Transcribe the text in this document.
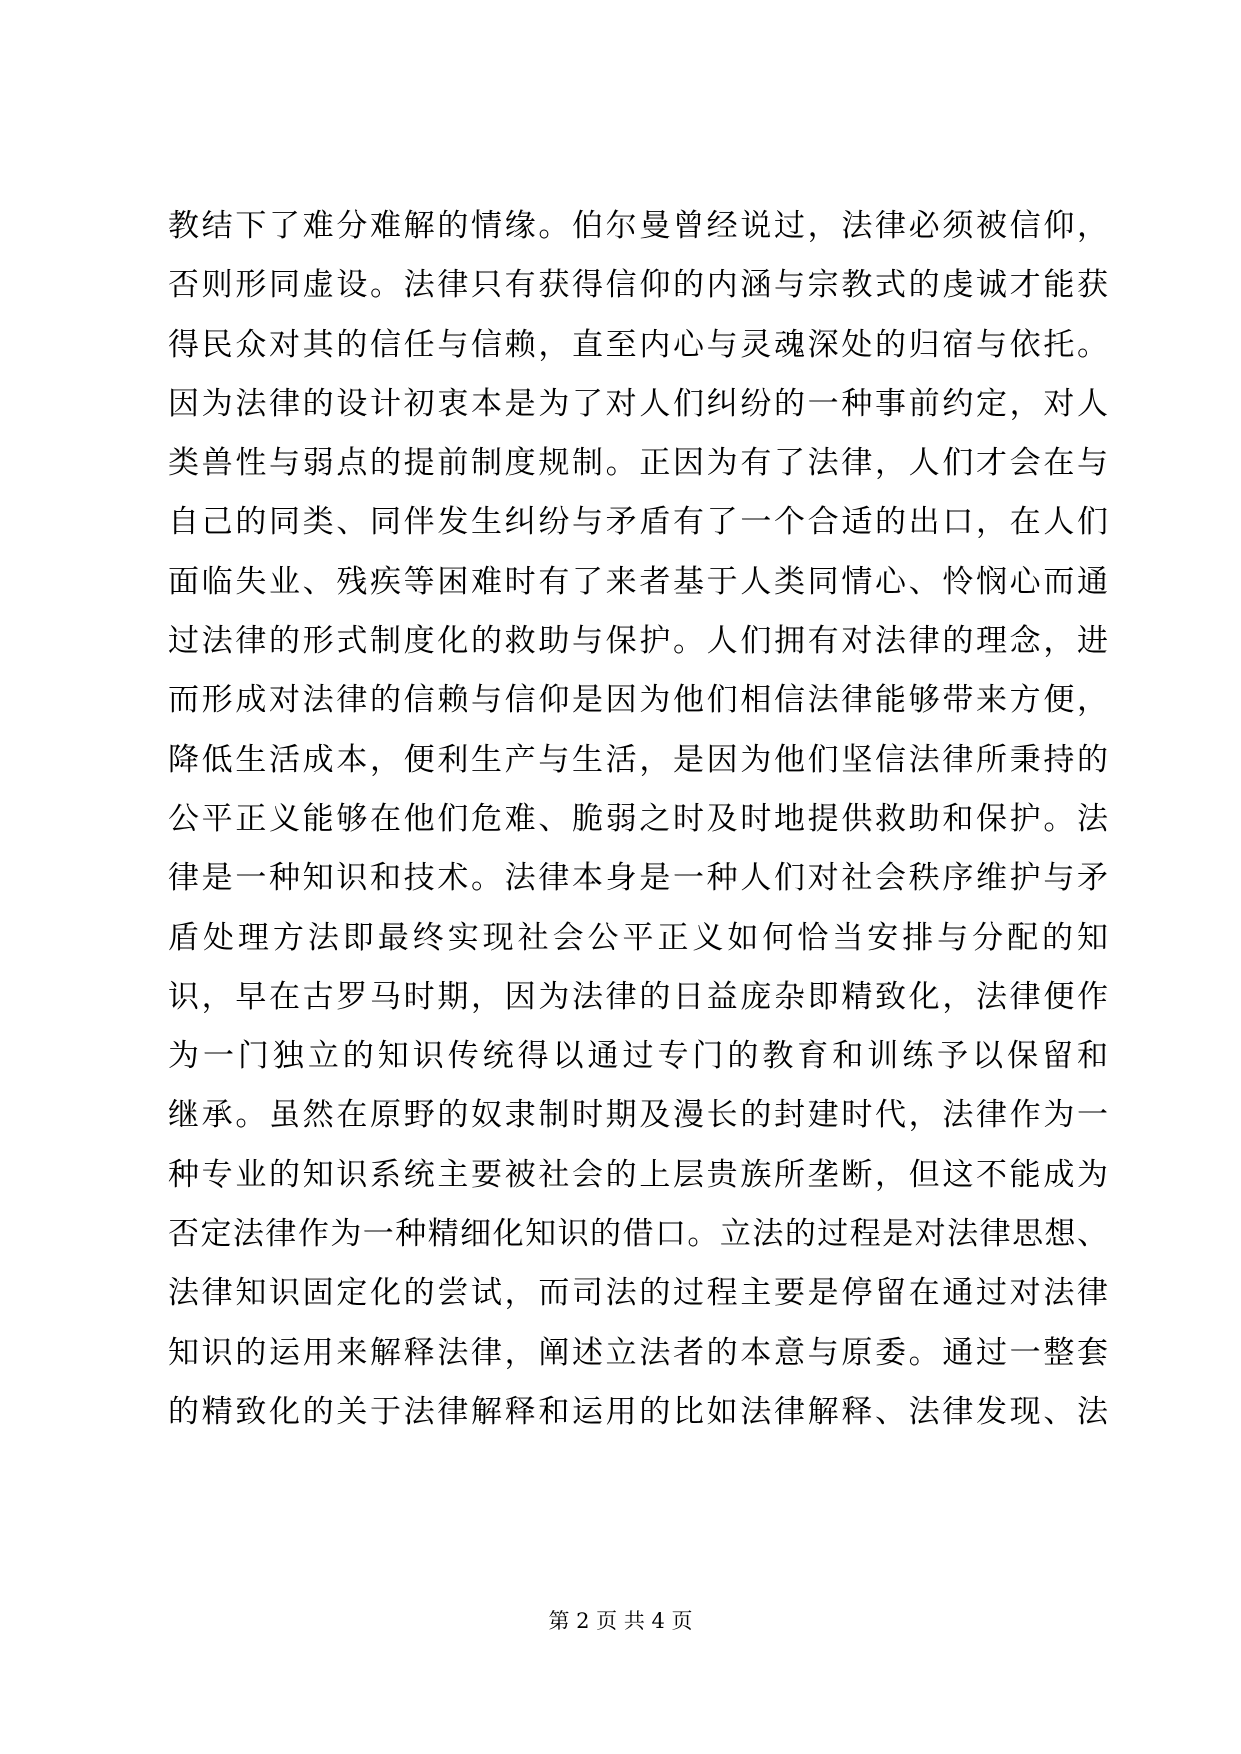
教结下了难分难解的情缘。伯尔曼曾经说过，法律必须被信仰，
否则形同虚设。法律只有获得信仰的内涵与宗教式的虔诚才能获
得民众对其的信任与信赖，直至内心与灵魂深处的归宿与依托。
因为法律的设计初衷本是为了对人们纠纷的一种事前约定，对人
类兽性与弱点的提前制度规制。正因为有了法律，人们才会在与
自己的同类、同伴发生纠纷与矛盾有了一个合适的出口，在人们
面临失业、残疾等困难时有了来者基于人类同情心、怜悯心而通
过法律的形式制度化的救助与保护。人们拥有对法律的理念，进
而形成对法律的信赖与信仰是因为他们相信法律能够带来方便，
降低生活成本，便利生产与生活，是因为他们坚信法律所秉持的
公平正义能够在他们危难、脆弱之时及时地提供救助和保护。法
律是一种知识和技术。法律本身是一种人们对社会秩序维护与矛
盾处理方法即最终实现社会公平正义如何恰当安排与分配的知
识，早在古罗马时期，因为法律的日益庞杂即精致化，法律便作
为一门独立的知识传统得以通过专门的教育和训练予以保留和
继承。虽然在原野的奴隶制时期及漫长的封建时代，法律作为一
种专业的知识系统主要被社会的上层贵族所垄断，但这不能成为
否定法律作为一种精细化知识的借口。立法的过程是对法律思想、
法律知识固定化的尝试，而司法的过程主要是停留在通过对法律
知识的运用来解释法律，阐述立法者的本意与原委。通过一整套
的精致化的关于法律解释和运用的比如法律解释、法律发现、法
第 2 页 共 4 页
